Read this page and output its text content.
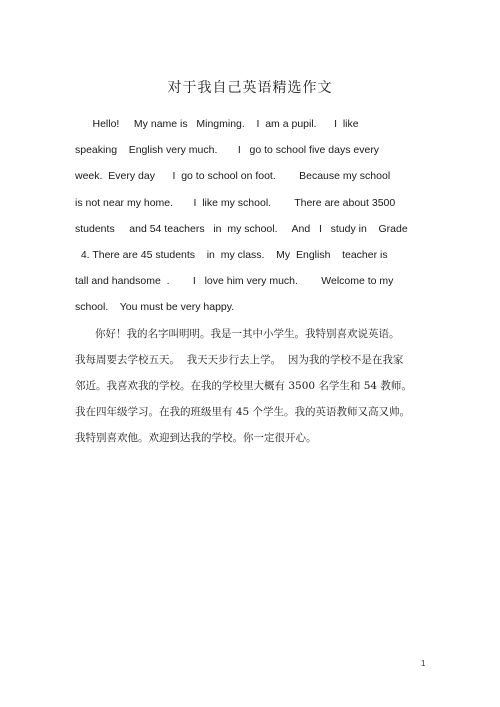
对于我自己英语精选作文
Hello!     My name is   Mingming.    I  am a pupil.      I  like
speaking    English very much.       I   go to school five days every
week.  Every day      I  go to school on foot.        Because my school
is not near my home.       I  like my school.        There are about 3500
students     and 54 teachers   in  my school.     And   I   study in    Grade
4. There are 45 students    in  my class.    My  English    teacher is
tall and handsome  .        I   love him very much.        Welcome to my
school.    You must be very happy.
你好！我的名字叫明明。我是一其中小学生。我特别喜欢说英语。
我每周要去学校五天。  我天天步行去上学。  因为我的学校不是在我家
邻近。我喜欢我的学校。在我的学校里大概有 3500 名学生和 54 教师。
我在四年级学习。在我的班级里有 45 个学生。我的英语教师又高又帅。
我特别喜欢他。欢迎到达我的学校。你一定很开心。
1
